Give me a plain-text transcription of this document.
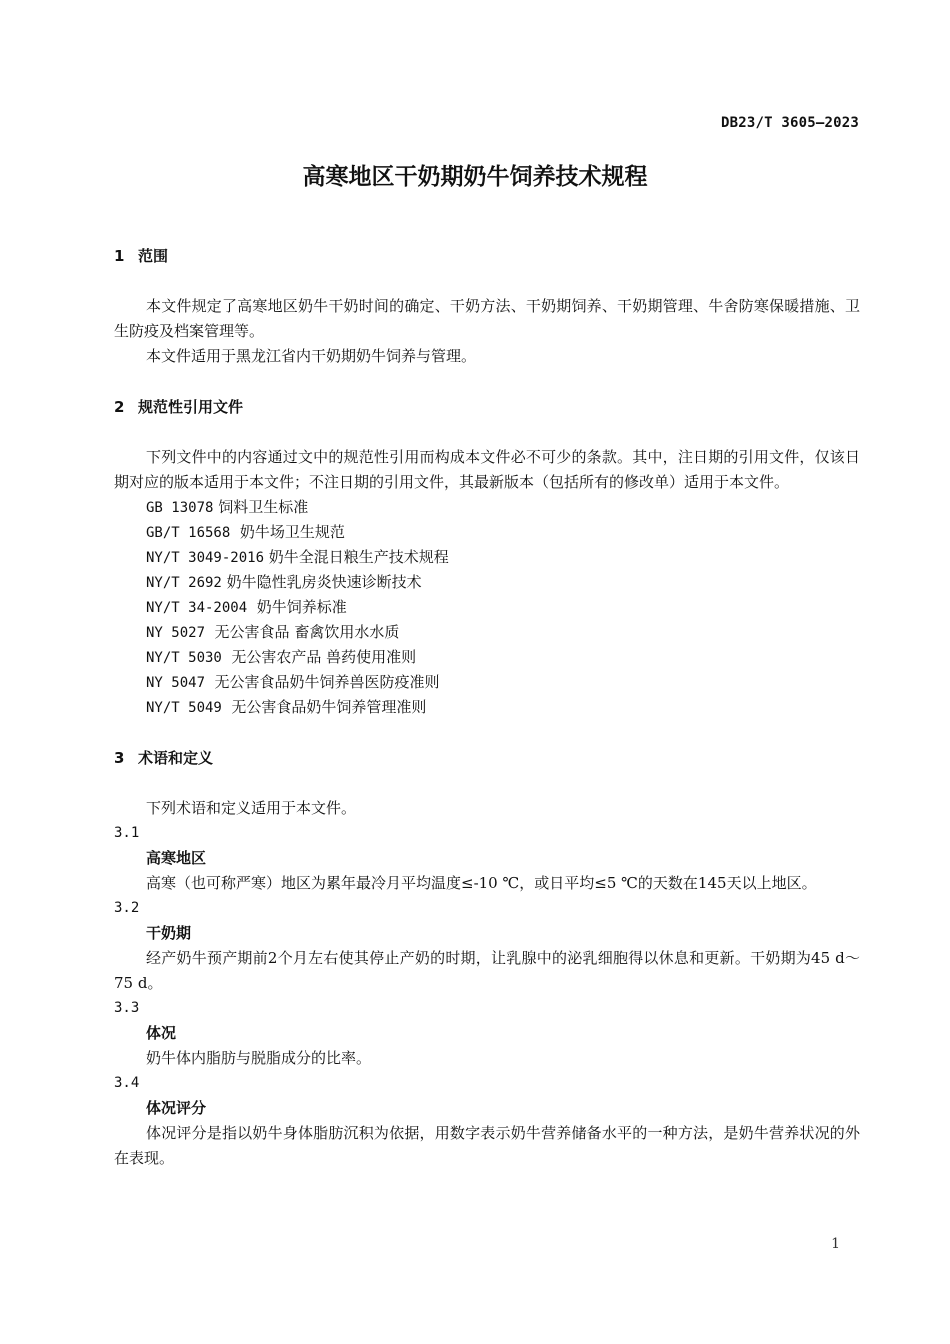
DB23/T 3605—2023
高寒地区干奶期奶牛饲养技术规程
1 范围

本文件规定了高寒地区奶牛干奶时间的确定、干奶方法、干奶期饲养、干奶期管理、牛舍防寒保暖措施、卫生防疫及档案管理等。

本文件适用于黑龙江省内干奶期奶牛饲养与管理。

2 规范性引用文件

下列文件中的内容通过文中的规范性引用而构成本文件必不可少的条款。其中，注日期的引用文件，仅该日期对应的版本适用于本文件；不注日期的引用文件，其最新版本（包括所有的修改单）适用于本文件。

GB 13078 饲料卫生标准
GB/T 16568  奶牛场卫生规范
NY/T 3049-2016 奶牛全混日粮生产技术规程
NY/T 2692 奶牛隐性乳房炎快速诊断技术
NY/T 34-2004  奶牛饲养标准
NY 5027  无公害食品 畜禽饮用水水质
NY/T 5030  无公害农产品 兽药使用准则
NY 5047  无公害食品奶牛饲养兽医防疫准则
NY/T 5049  无公害食品奶牛饲养管理准则
3 术语和定义

下列术语和定义适用于本文件。

3.1
高寒地区

高寒（也可称严寒）地区为累年最冷月平均温度≤-10 ℃，或日平均≤5 ℃的天数在145天以上地区。

3.2
干奶期

经产奶牛预产期前2个月左右使其停止产奶的时期，让乳腺中的泌乳细胞得以休息和更新。干奶期为45 d～75 d。

3.3
体况

奶牛体内脂肪与脱脂成分的比率。

3.4
体况评分

体况评分是指以奶牛身体脂肪沉积为依据，用数字表示奶牛营养储备水平的一种方法，是奶牛营养状况的外在表现。

1
